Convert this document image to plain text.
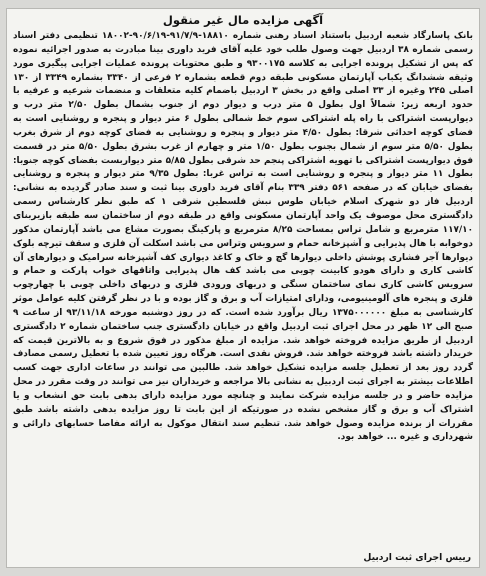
آگهی مزایده مال غیر منقول

بانک پاسارگاد شعبه اردبیل باستناد اسناد رهنی شماره ۱۸۸۱۰-۹۱/۷/۹-۹۰/۶/۱۹-۱۸۰۰۲ تنظیمی دفتر اسناد رسمی شماره ۳۸ اردبیل جهت وصول طلب خود علیه آقای فرید داوری بینا مبادرت به صدور اجرائیه نموده که پس از تشکیل پرونده اجرایی به کلاسه ۹۳۰۰۱۷۵ و طبق محتویات پرونده عملیات اجرایی پیگیری مورد وثیقه ششدانگ یکباب آپارتمان مسکونی طبقه دوم قطعه بشماره ۲ فرعی از ۳۳۴۰ بشماره ۳۳۴۹ از ۱۳۰ اصلی ۲۴۵ وغیره از ۳۳ اصلی واقع در بخش ۳ اردبیل باضمام کلیه متعلقات و منضمات شرعیه و عرفیه با حدود اربعه زیر: شمالاً اول بطول ۵ متر درب و دیوار دوم از جنوب بشمال بطول ۲/۵۰ متر درب و دیوارپست اشتراکی با راه پله اشتراکی سوم خط شمالی بطول ۶ متر دیوار و پنجره و روشنایی است به فضای کوچه احداثی شرقا: بطول ۴/۵۰ متر دیوار و پنجره و روشنایی به فضای کوچه دوم از شرق بغرب بطول ۵/۵۰ متر سوم از شمال بجنوب بطول ۱/۵۰ متر و چهارم از غرب بشرق بطول ۵/۵۰ متر در قسمت فوق دیوارپست اشتراکی با تهویه اشتراکی پنجم حد شرقی بطول ۵/۸۵ متر دیواربست بفضای کوچه جنوبا: بطول ۱۱ متر دیوار و پنجره و روشنایی است به تراس غربا: بطول ۹/۳۵ متر دیوار و پنجره و روشنایی بفضای خیابان که در صفحه ۵۶۱ دفتر ۳۳۹ بنام آقای فرید داوری بینا ثبت و سند صادر گردیده به نشانی: اردبیل فاز دو شهرک اسلام خیابان طوس نبش فلسطین شرقی ۱ که طبق نظر کارشناس رسمی دادگستری محل موصوف یک واحد آپارتمان مسکونی واقع در طبقه دوم از ساختمان سه طبقه بازیربنای ۱۱۷/۱۰ مترمربع و شامل تراس بمساحت ۸/۲۵ مترمربع و پارکینگ بصورت مشاع می باشد آپارتمان مذکور دوخوابه با هال پذیرایی و آشپزخانه حمام و سرویس وتراس می باشد اسکلت آن فلزی و سقف تیرچه بلوک دیوارها آجر فشاری پوشش داخلی دیوارها گچ و خاک و کاغذ دیواری کف آشپزخانه سرامیک و دیوارهای آن کاشی کاری و دارای هودو کابینت چوبی می باشد کف هال پذیرایی واتاقهای خواب پارکت و حمام و سرویس کاشی کاری نمای ساختمان سنگی و دربهای ورودی فلزی و دربهای داخلی چوبی با چهارچوب فلزی و پنجره های آلومینیومی، ودارای امتیازات آب و برق و گاز بوده و با در نظر گرفتن کلیه عوامل موثر کارشناسی به مبلغ ۱۳۷۵۰۰۰۰۰۰ ریال برآورد شده است. که در روز دوشنبه مورخه ۹۳/۱۱/۱۸ از ساعت ۹ صبح الی ۱۲ ظهر در محل اجرای ثبت اردبیل واقع در خیابان دادگستری جنب ساختمان شماره ۲ دادگستری اردبیل از طریق مزایده فروخته خواهد شد. مزایده از مبلغ مذکور در فوق شروع و به بالاترین قیمت که خریدار داشته باشد فروخته خواهد شد. فروش نقدی است. هرگاه روز تعیین شده با تعطیل رسمی مصادف گردد روز بعد از تعطیل جلسه مزایده تشکیل خواهد شد. طالبین می توانند در ساعات اداری جهت کسب اطلاعات بیشتر به اجرای ثبت اردبیل به نشانی بالا مراجعه و خریداران نیز می توانند در وقت مقرر در محل مزایده حاضر و در جلسه مزایده شرکت نمایند و چنانچه مورد مزایده دارای بدهی بابت حق انشعاب و یا اشتراک آب و برق و گاز مشخص نشده در صورتیکه از این بابت تا روز مزایده بدهی داشته باشد طبق مقررات از برنده مزایده وصول خواهد شد. تنظیم سند انتقال موکول به ارائه مفاصا حسابهای دارائی و شهرداری و غیره ... خواهد بود.

رییس اجرای ثبت اردبیل
